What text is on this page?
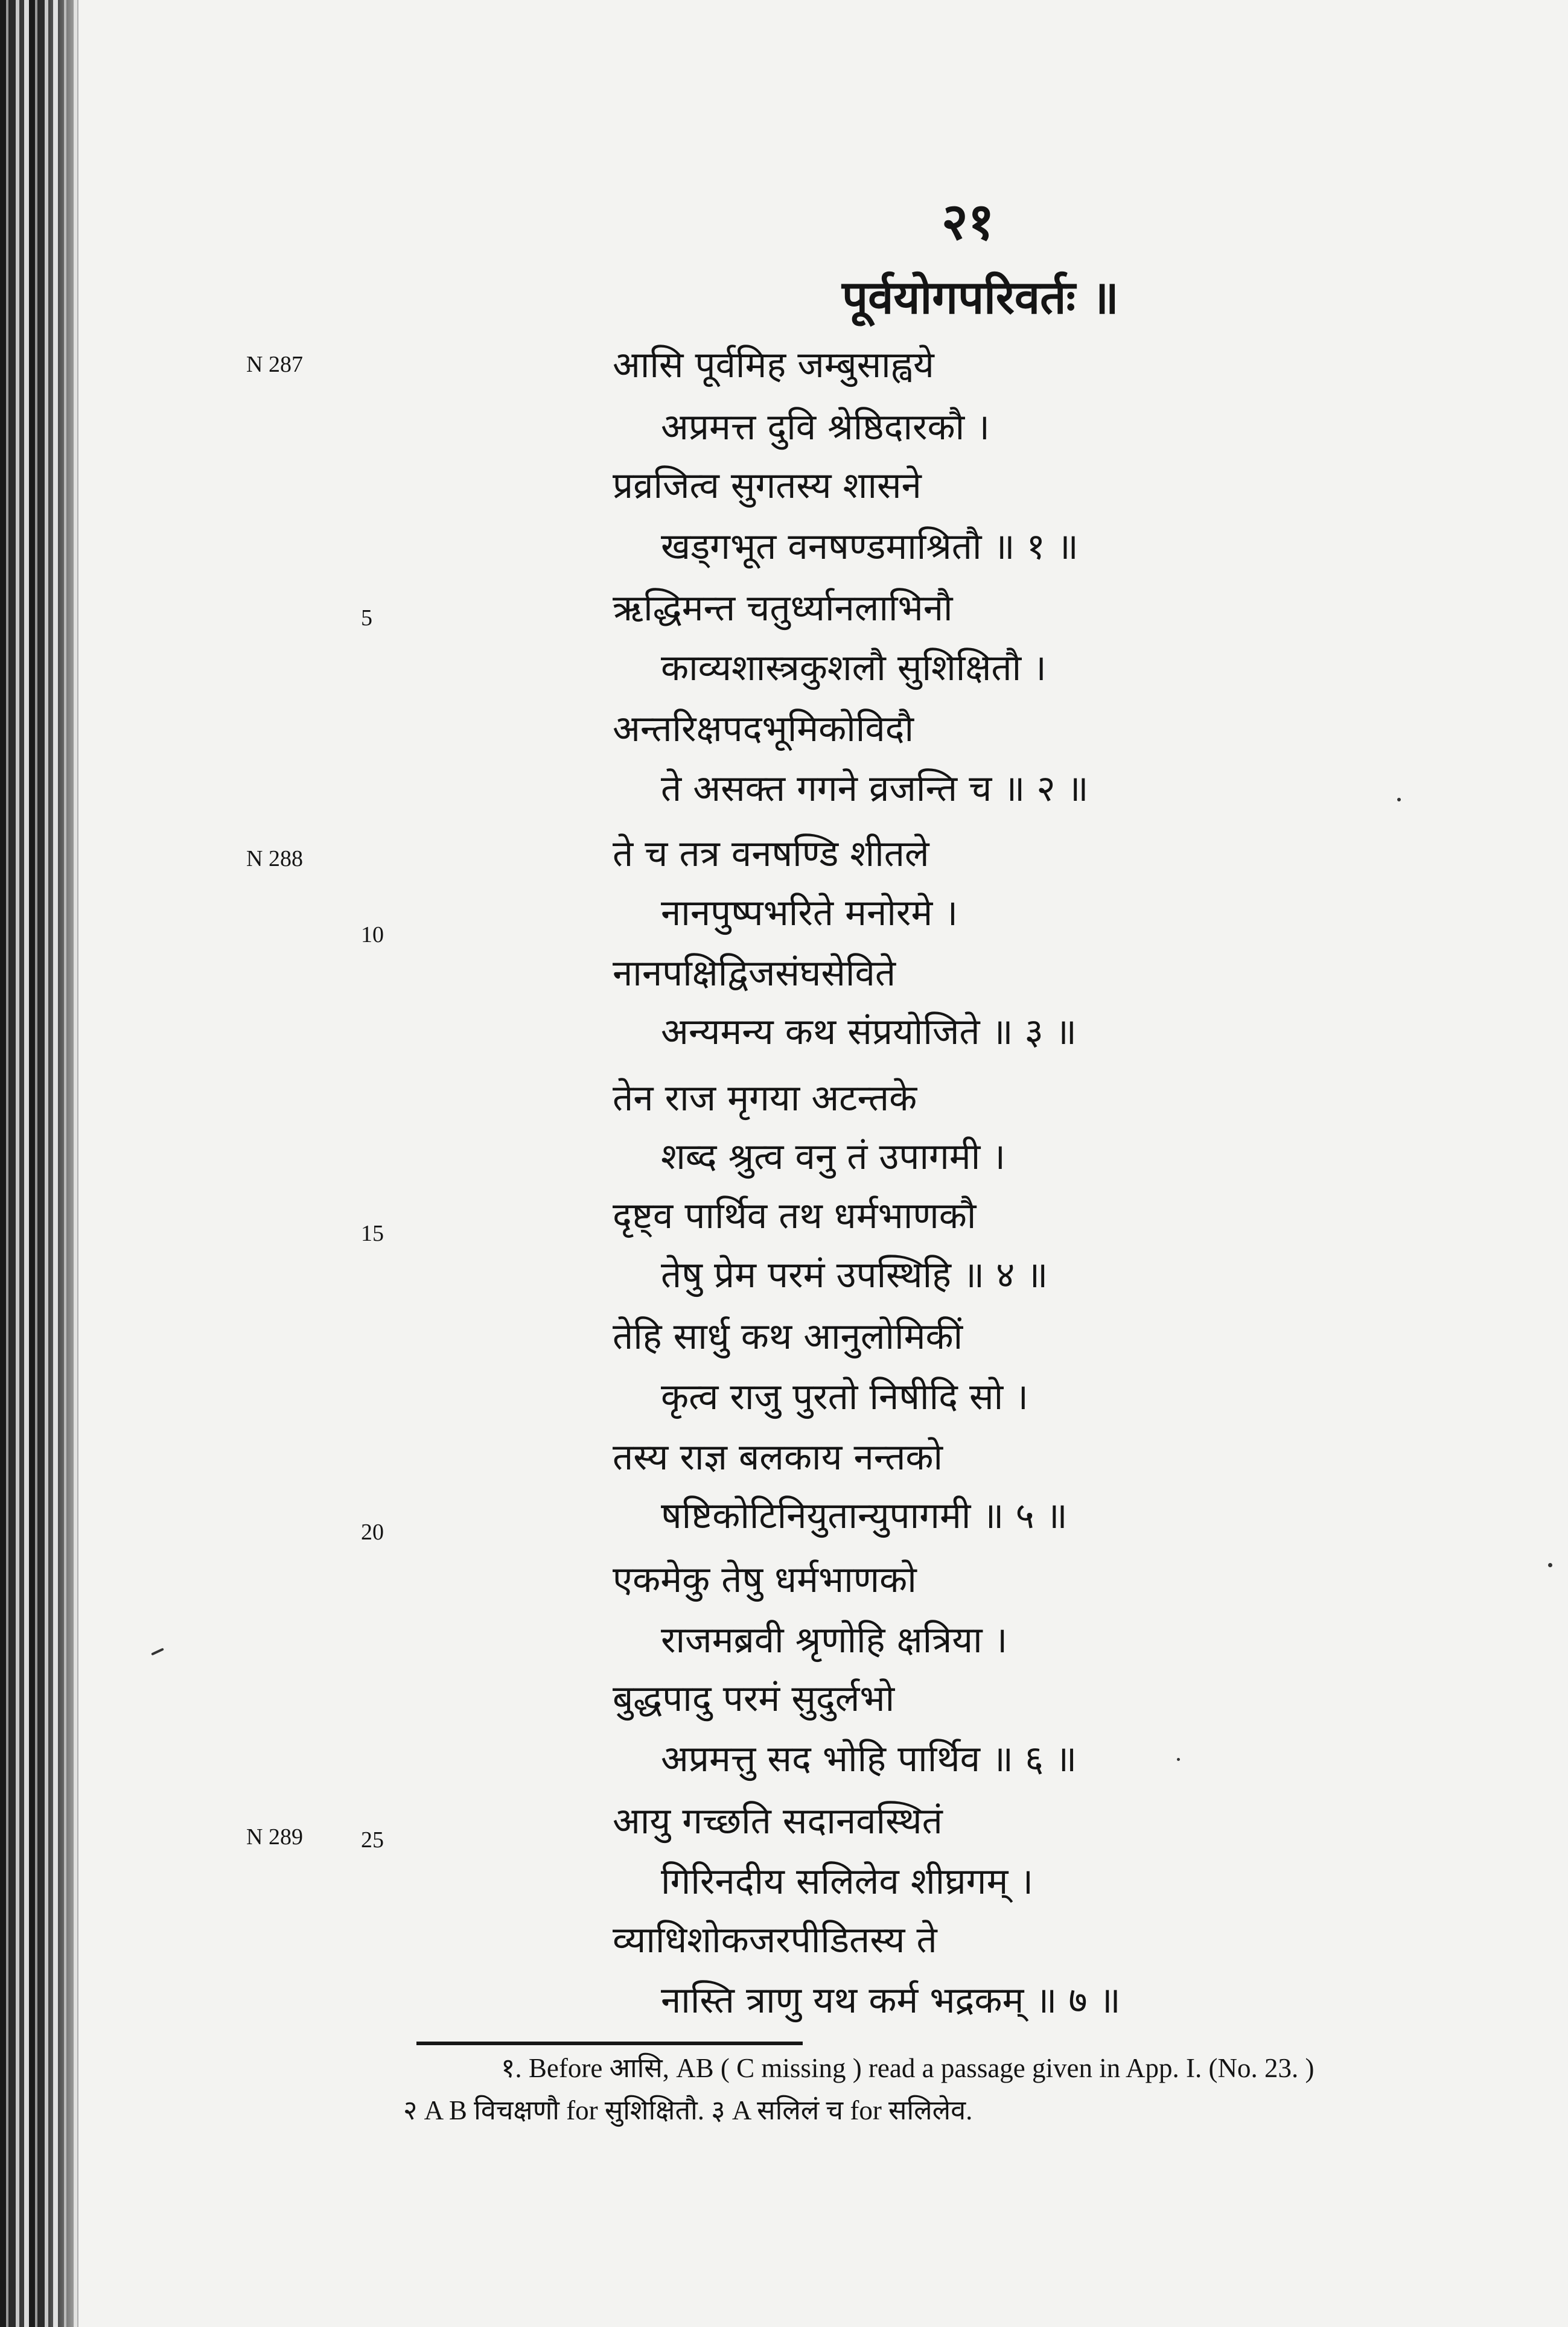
२१
पूर्वयोगपरिवर्तः ॥
N 287
N 288
N 289
5
10
15
20
25
आसि पूर्वमिह जम्बुसाह्वये
अप्रमत्त दुवि श्रेष्ठिदारकौ ।
प्रव्रजित्व सुगतस्य शासने
खड्गभूत वनषण्डमाश्रितौ ॥ १ ॥
ऋद्धिमन्त चतुर्ध्यानलाभिनौ
काव्यशास्त्रकुशलौ सुशिक्षितौ ।
अन्तरिक्षपदभूमिकोविदौ
ते असक्त गगने व्रजन्ति च ॥ २ ॥
ते च तत्र वनषण्डि शीतले
नानपुष्पभरिते मनोरमे ।
नानपक्षिद्विजसंघसेविते
अन्यमन्य कथ संप्रयोजिते ॥ ३ ॥
तेन राज मृगया अटन्तके
शब्द श्रुत्व वनु तं उपागमी ।
दृष्ट्व पार्थिव तथ धर्मभाणकौ
तेषु प्रेम परमं उपस्थिहि ॥ ४ ॥
तेहि सार्धु कथ आनुलोमिकीं
कृत्व राजु पुरतो निषीदि सो ।
तस्य राज्ञ बलकाय नन्तको
षष्टिकोटिनियुतान्युपागमी ॥ ५ ॥
एकमेकु तेषु धर्मभाणको
राजमब्रवी श्रृणोहि क्षत्रिया ।
बुद्धपादु परमं सुदुर्लभो
अप्रमत्तु सद भोहि पार्थिव ॥ ६ ॥
आयु गच्छति सदानवस्थितं
गिरिनदीय सलिलेव शीघ्रगम् ।
व्याधिशोकजरपीडितस्य ते
नास्ति त्राणु यथ कर्म भद्रकम् ॥ ७ ॥
१. Before आसि, AB ( C missing ) read a passage given in App. I. (No. 23. )
२ A B विचक्षणौ for सुशिक्षितौ. ३ A सलिलं च for सलिलेव.
